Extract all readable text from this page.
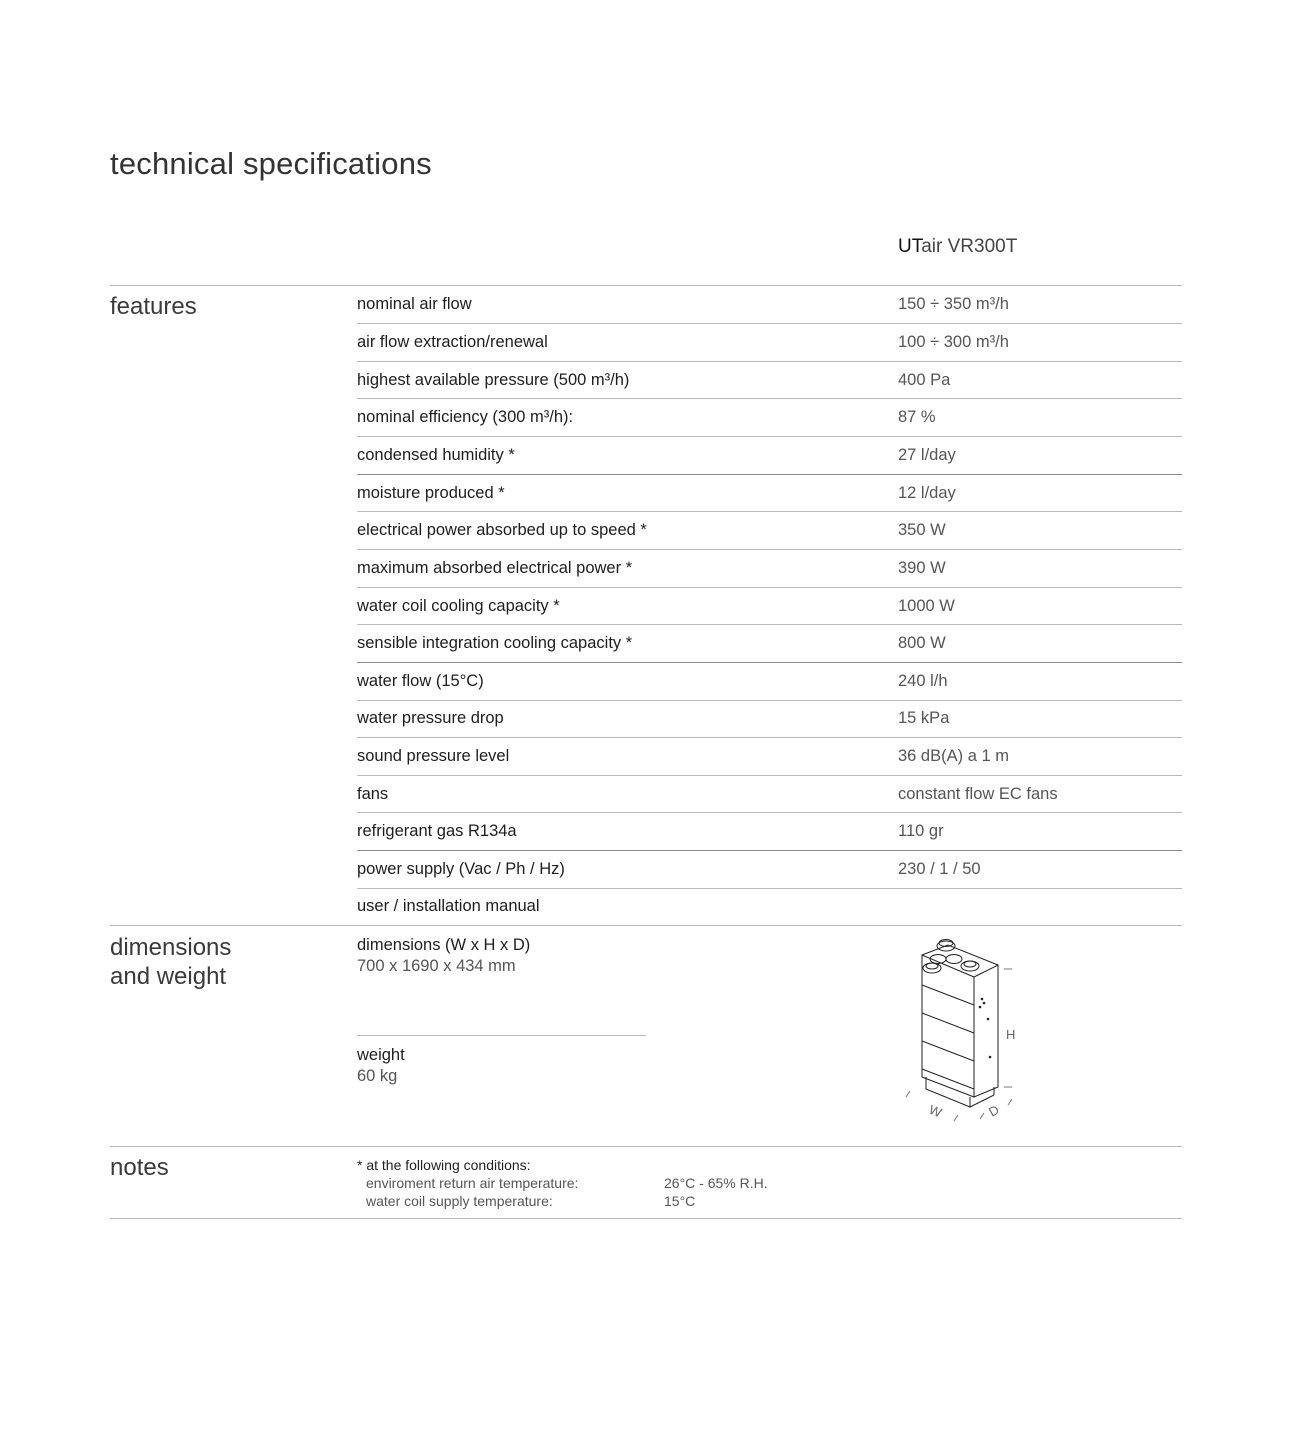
technical specifications
UTair VR300T
features
dimensions
and weight
notes
nominal air flow	150 ÷ 350 m³/h
air flow extraction/renewal	100 ÷ 300 m³/h
highest available pressure (500 m³/h)	400 Pa
nominal efficiency (300 m³/h):	87 %
condensed humidity *	27 l/day
moisture produced *	12 l/day
electrical power absorbed up to speed *	350 W
maximum absorbed electrical power *	390 W
water coil cooling capacity *	1000 W
sensible integration cooling capacity *	800 W
water flow (15°C)	240 l/h
water pressure drop	15 kPa
sound pressure level	36 dB(A) a 1 m
fans	constant flow EC fans
refrigerant gas R134a	110 gr
power supply (Vac / Ph / Hz)	230 / 1 / 50
user / installation manual
dimensions (W x H x D)
700 x 1690 x 434 mm
weight
60 kg
H
W	D
* at the following conditions:
enviroment return air temperature:	26°C - 65% R.H.
water coil supply temperature:	15°C
